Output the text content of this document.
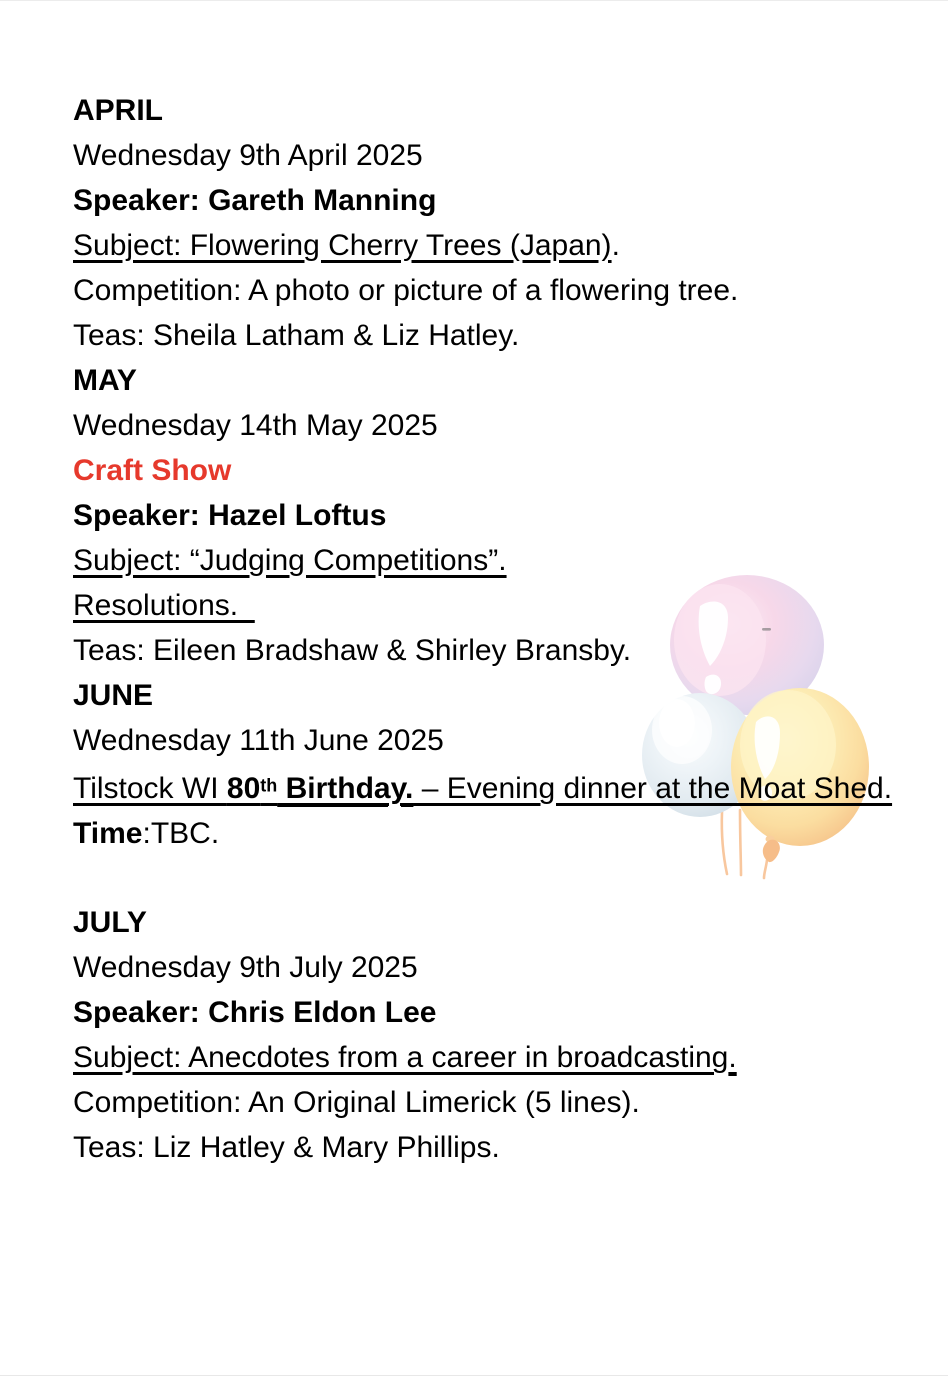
APRIL

Wednesday 9th April 2025

Speaker: Gareth Manning

Subject: Flowering Cherry Trees (Japan).

Competition: A photo or picture of a flowering tree.

Teas: Sheila Latham & Liz Hatley.

MAY

Wednesday 14th May 2025

Craft Show

Speaker: Hazel Loftus

Subject: “Judging Competitions”.

Resolutions.

Teas: Eileen Bradshaw & Shirley Bransby.

JUNE

Wednesday 11th June 2025

Tilstock WI 80th Birthday. – Evening dinner at the Moat Shed.

Time:TBC.

JULY

Wednesday 9th July 2025

Speaker: Chris Eldon Lee

Subject: Anecdotes from a career in broadcasting.

Competition: An Original Limerick (5 lines).

Teas: Liz Hatley & Mary Phillips.
